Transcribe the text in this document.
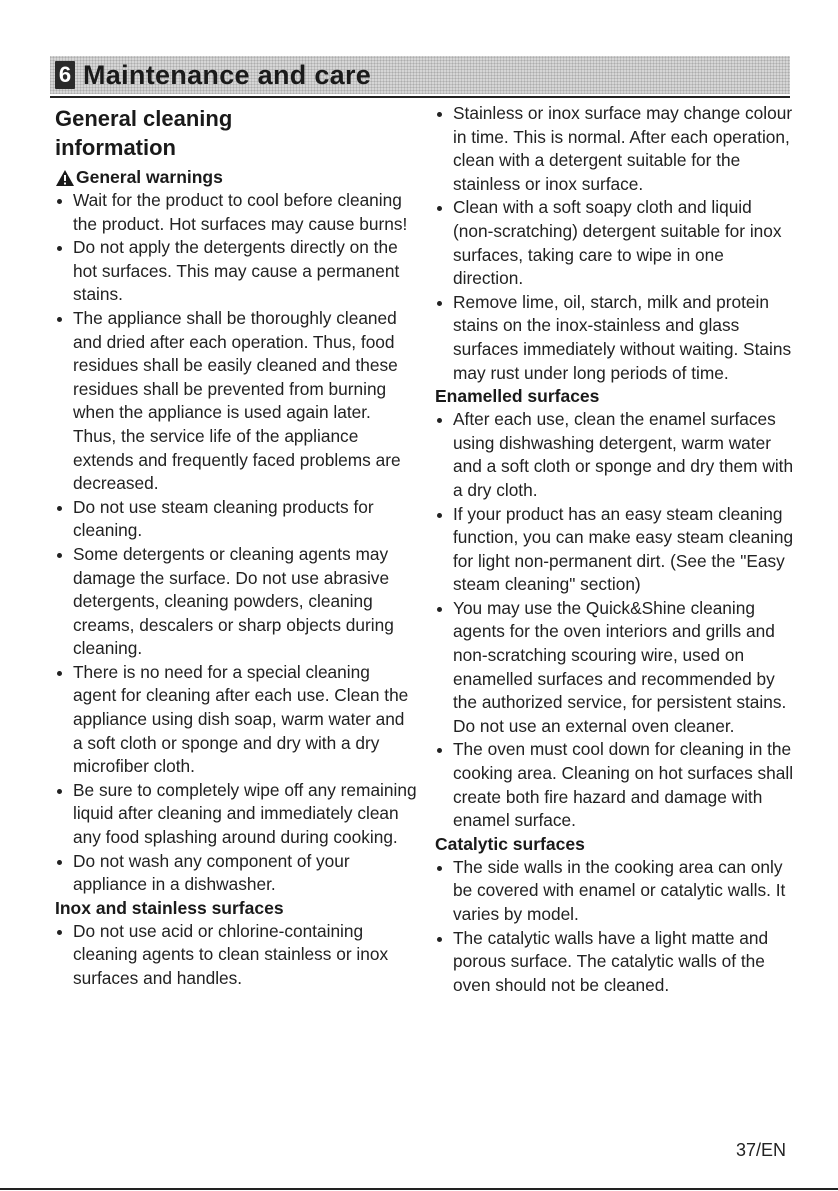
6 Maintenance and care
General cleaning
information
General warnings
Wait for the product to cool before cleaning the product. Hot surfaces may cause burns!
Do not apply the detergents directly on the hot surfaces. This may cause a permanent stains.
The appliance shall be thoroughly cleaned and dried after each operation. Thus, food residues shall be easily cleaned and these residues shall be prevented from burning when the appliance is used again later. Thus, the service life of the appliance extends and frequently faced problems are decreased.
Do not use steam cleaning products for cleaning.
Some detergents or cleaning agents may damage the surface. Do not use abrasive detergents, cleaning powders, cleaning creams, descalers or sharp objects during cleaning.
There is no need for a special cleaning agent for cleaning after each use. Clean the appliance using dish soap, warm water and a soft cloth or sponge and dry with a dry microfiber cloth.
Be sure to completely wipe off any remaining liquid after cleaning and immediately clean any food splashing around during cooking.
Do not wash any component of your appliance in a dishwasher.
Inox and stainless surfaces
Do not use acid or chlorine-containing cleaning agents to clean stainless or inox surfaces and handles.
Stainless or inox surface may change colour in time. This is normal. After each operation, clean with a detergent suitable for the stainless or inox surface.
Clean with a soft soapy cloth and liquid (non-scratching) detergent suitable for inox surfaces, taking care to wipe in one direction.
Remove lime, oil, starch, milk and protein stains on the inox-stainless and glass surfaces immediately without waiting. Stains may rust under long periods of time.
Enamelled surfaces
After each use, clean the enamel surfaces using dishwashing detergent, warm water and a soft cloth or sponge and dry them with a dry cloth.
If your product has an easy steam cleaning function, you can make easy steam cleaning for light non-permanent dirt. (See the "Easy steam cleaning" section)
You may use the Quick&Shine cleaning agents for the oven interiors and grills and non-scratching scouring wire, used on enamelled surfaces and recommended by the authorized service, for persistent stains. Do not use an external oven cleaner.
The oven must cool down for cleaning in the cooking area. Cleaning on hot surfaces shall create both fire hazard and damage with enamel surface.
Catalytic surfaces
The side walls in the cooking area can only be covered with enamel or catalytic walls. It varies by model.
The catalytic walls have a light matte and porous surface. The catalytic walls of the oven should not be cleaned.
37/EN
